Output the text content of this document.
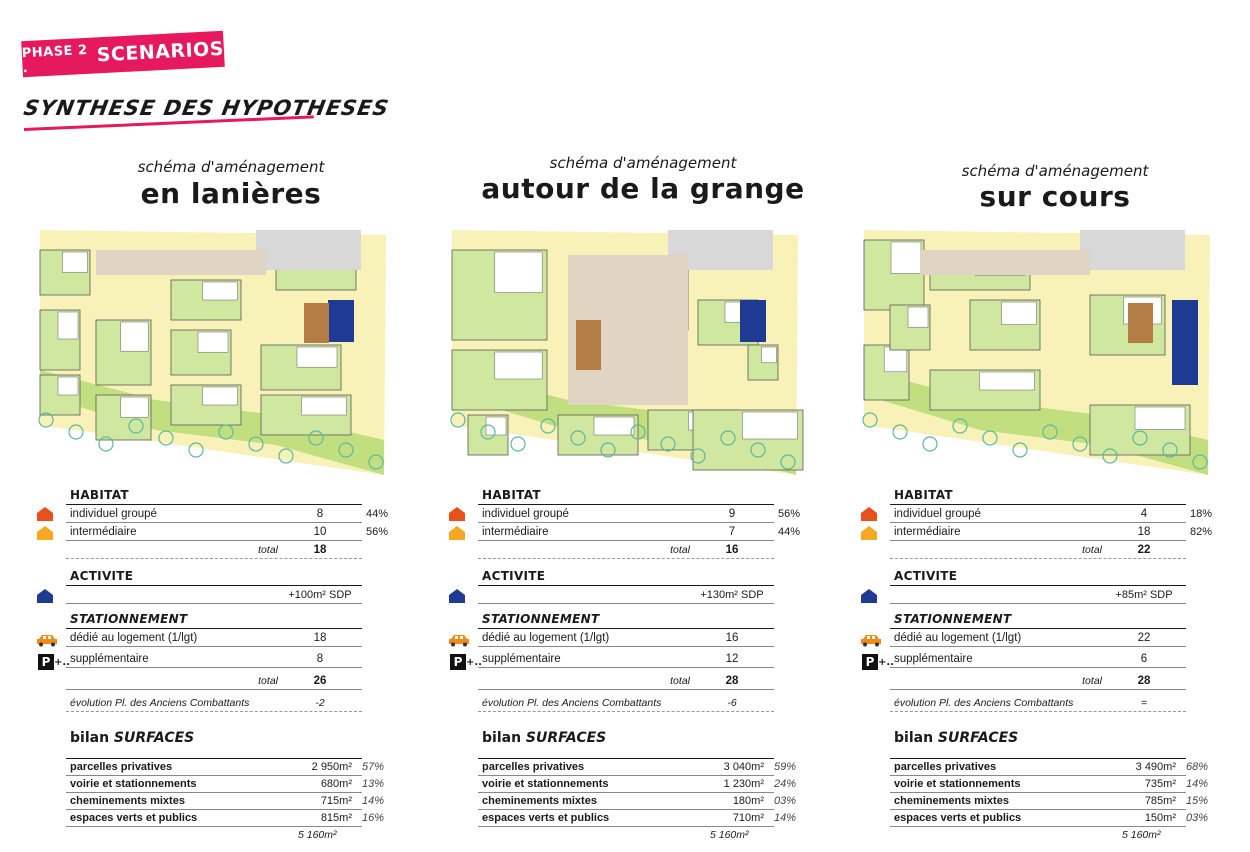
PHASE 2 .
SCENARIOS
SYNTHESE DES HYPOTHESES
schéma d'aménagement
en lanières
HABITAT
individuel groupé	8	44%
intermédiaire	10	56%
total	18
ACTIVITE
+100m² SDP
STATIONNEMENT
dédié au logement (1/lgt)	18
P +.. supplémentaire	8
total	26
évolution Pl. des Anciens Combattants	-2
bilan SURFACES
parcelles privatives	2 950m² 57%
voirie et stationnements	680m² 13%
cheminements mixtes	715m² 14%
espaces verts et publics	815m² 16%
5 160m²
schéma d'aménagement
autour de la grange
HABITAT
individuel groupé	9	56%
intermédiaire	7	44%
total	16
ACTIVITE
+130m² SDP
STATIONNEMENT
dédié au logement (1/lgt)	16
P +.. supplémentaire	12
total	28
évolution Pl. des Anciens Combattants	-6
bilan SURFACES
parcelles privatives	3 040m² 59%
voirie et stationnements	1 230m² 24%
cheminements mixtes	180m² 03%
espaces verts et publics	710m² 14%
5 160m²
schéma d'aménagement
sur cours
HABITAT
individuel groupé	4	18%
intermédiaire	18	82%
total	22
ACTIVITE
+85m² SDP
STATIONNEMENT
dédié au logement (1/lgt)	22
P +.. supplémentaire	6
total	28
évolution Pl. des Anciens Combattants	=
bilan SURFACES
parcelles privatives	3 490m² 68%
voirie et stationnements	735m² 14%
cheminements mixtes	785m² 15%
espaces verts et publics	150m² 03%
5 160m²
